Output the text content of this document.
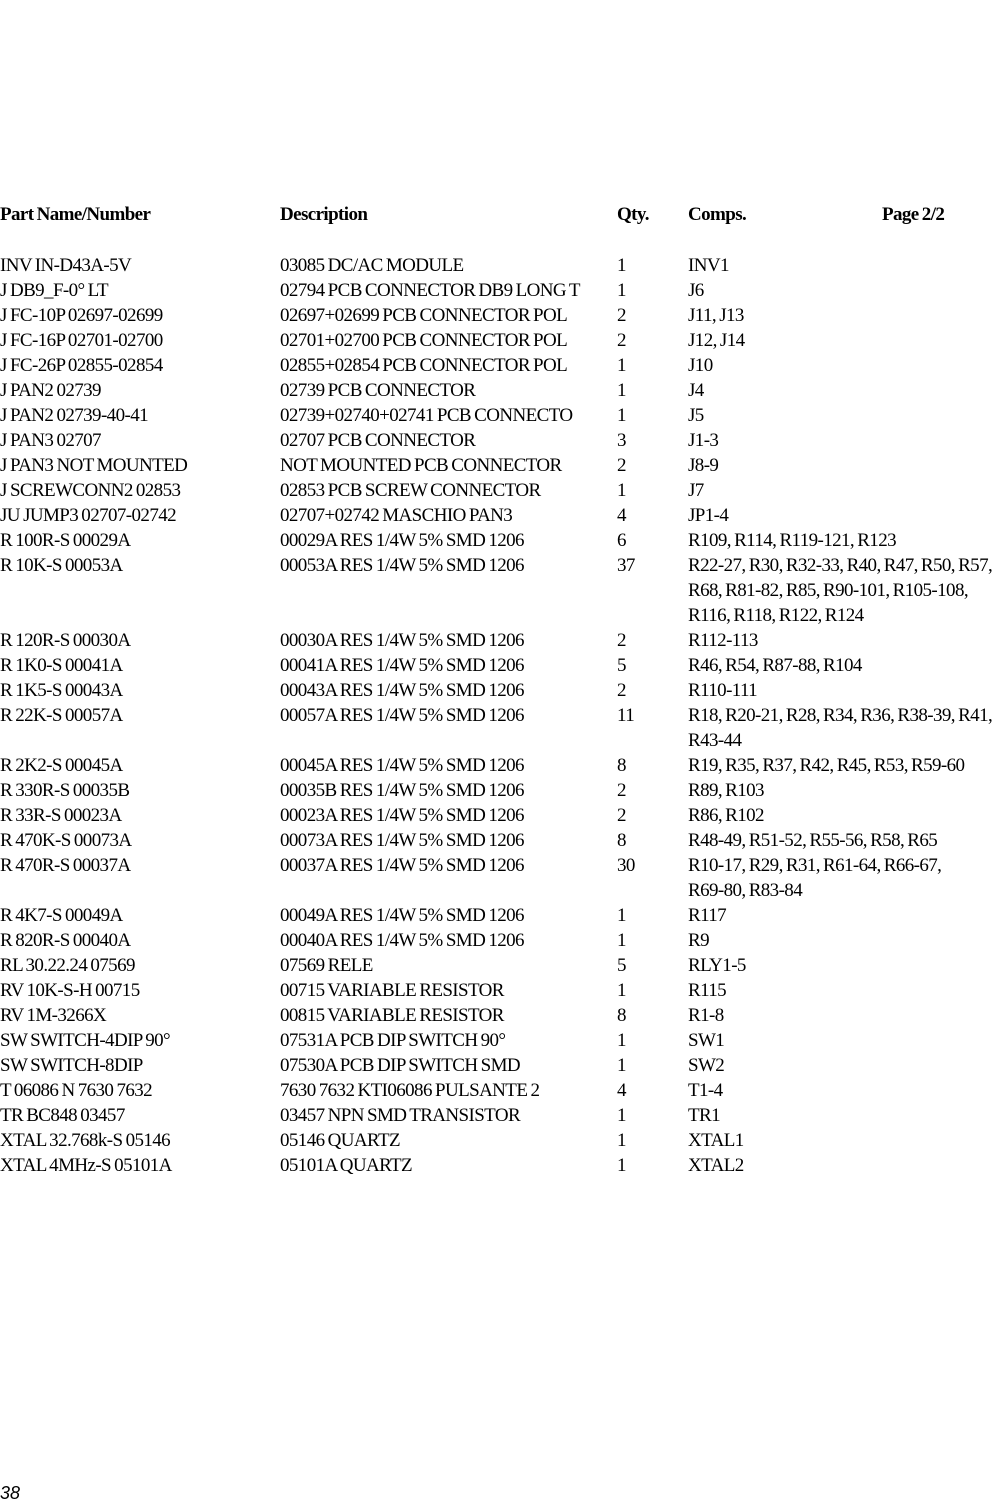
Part Name/Number	Description	Qty. Comps.	Page 2/2
INV IN-D43A-5V	03085 DC/AC MODULE	1	INV1
J DB9_F-0° LT	02794 PCB CONNECTOR DB9 LONG T 1	J6
J FC-10P 02697-02699	02697+02699 PCB CONNECTOR POL	2	J11, J13
J FC-16P 02701-02700	02701+02700 PCB CONNECTOR POL	2	J12, J14
J FC-26P 02855-02854	02855+02854 PCB CONNECTOR POL	1	J10
J PAN2 02739	02739 PCB CONNECTOR	1	J4
J PAN2 02739-40-41	02739+02740+02741 PCB CONNECTO 1	J5
J PAN3 02707	02707 PCB CONNECTOR	3	J1-3
J PAN3 NOT MOUNTED	NOT MOUNTED PCB CONNECTOR	2	J8-9
J SCREWCONN2 02853	02853 PCB SCREW CONNECTOR	1	J7
JU JUMP3 02707-02742	02707+02742 MASCHIO PAN3	4	JP1-4
R 100R-S 00029A	00029A RES 1/4W 5% SMD 1206	6	R109, R114, R119-121, R123
R 10K-S 00053A	00053A RES 1/4W 5% SMD 1206	37	R22-27, R30, R32-33, R40, R47, R50, R57,
R68, R81-82, R85, R90-101, R105-108,
R116, R118, R122, R124
R 120R-S 00030A	00030A RES 1/4W 5% SMD 1206	2	R112-113
R 1K0-S 00041A	00041A RES 1/4W 5% SMD 1206	5	R46, R54, R87-88, R104
R 1K5-S 00043A	00043A RES 1/4W 5% SMD 1206	2	R110-111
R 22K-S 00057A	00057A RES 1/4W 5% SMD 1206	11	R18, R20-21, R28, R34, R36, R38-39, R41,
R43-44
R 2K2-S 00045A	00045A RES 1/4W 5% SMD 1206	8	R19, R35, R37, R42, R45, R53, R59-60
R 330R-S 00035B	00035B RES 1/4W 5% SMD 1206	2	R89, R103
R 33R-S 00023A	00023A RES 1/4W 5% SMD 1206	2	R86, R102
R 470K-S 00073A	00073A RES 1/4W 5% SMD 1206	8	R48-49, R51-52, R55-56, R58, R65
R 470R-S 00037A	00037A RES 1/4W 5% SMD 1206	30	R10-17, R29, R31, R61-64, R66-67,
R69-80, R83-84
R 4K7-S 00049A	00049A RES 1/4W 5% SMD 1206	1	R117
R 820R-S 00040A	00040A RES 1/4W 5% SMD 1206	1	R9
RL 30.22.24 07569	07569 RELE	5	RLY1-5
RV 10K-S-H 00715	00715 VARIABLE RESISTOR	1	R115
RV 1M-3266X	00815 VARIABLE RESISTOR	8	R1-8
SW SWITCH-4DIP 90°	07531A PCB DIP SWITCH 90°	1	SW1
SW SWITCH-8DIP	07530A PCB DIP SWITCH SMD	1	SW2
T 06086 N 7630 7632	7630 7632 KTI06086 PULSANTE 2	4	T1-4
TR BC848 03457	03457 NPN SMD TRANSISTOR	1	TR1
XTAL 32.768k-S 05146	05146 QUARTZ	1	XTAL1
XTAL 4MHz-S 05101A	05101A QUARTZ	1	XTAL2
38
